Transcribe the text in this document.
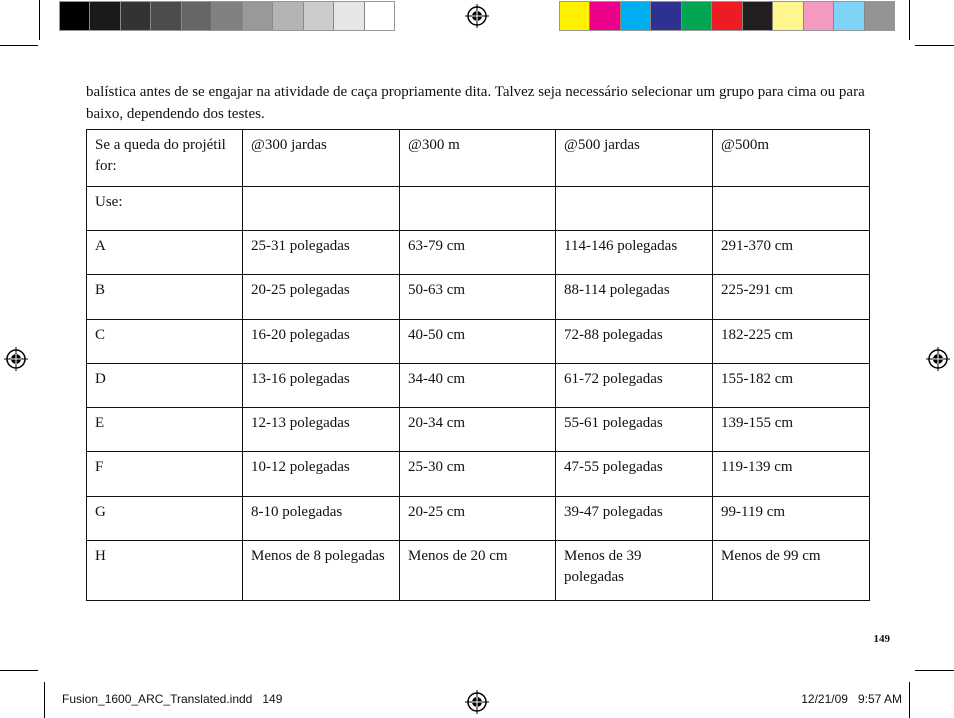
balística antes de se engajar na atividade de caça propriamente dita. Talvez seja necessário selecionar um grupo para cima ou para baixo, dependendo dos testes.

Se a queda do projétil for:	@300 jardas	@300 m	@500 jardas	@500m
Use:				
A	25-31 polegadas	63-79 cm	114-146 polegadas	291-370 cm
B	20-25 polegadas	50-63 cm	88-114 polegadas	225-291 cm
C	16-20 polegadas	40-50 cm	72-88 polegadas	182-225 cm
D	13-16 polegadas	34-40 cm	61-72 polegadas	155-182 cm
E	12-13 polegadas	20-34 cm	55-61 polegadas	139-155 cm
F	10-12 polegadas	25-30 cm	47-55 polegadas	119-139 cm
G	8-10 polegadas	20-25 cm	39-47 polegadas	99-119 cm
H	Menos de 8 polegadas	Menos de 20 cm	Menos de 39 polegadas	Menos de 99 cm
149
Fusion_1600_ARC_Translated.indd   149	12/21/09   9:57 AM
